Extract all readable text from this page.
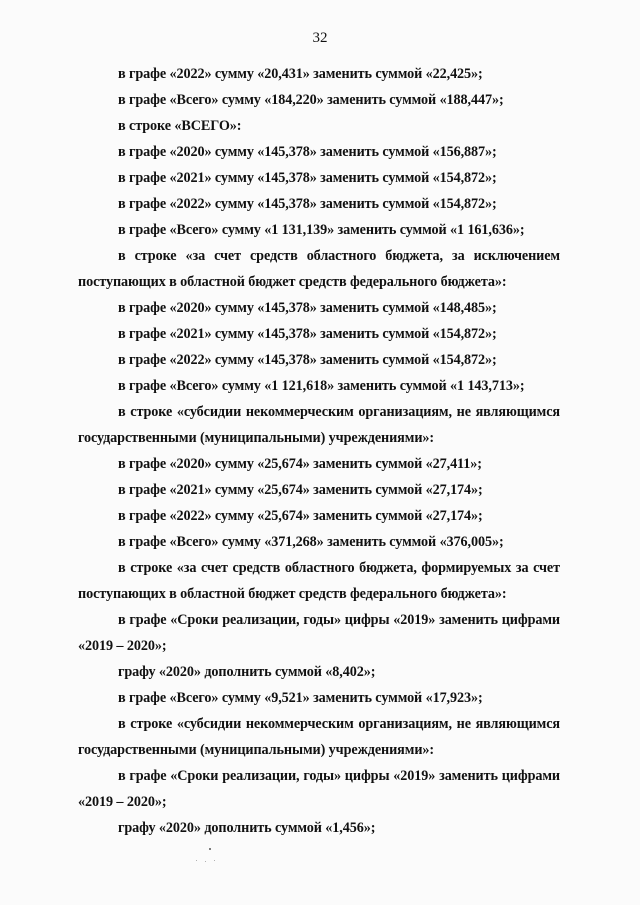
32
в графе «2022» сумму «20,431» заменить суммой «22,425»;
в графе «Всего» сумму «184,220» заменить суммой «188,447»;
в строке «ВСЕГО»:
в графе «2020» сумму «145,378» заменить суммой «156,887»;
в графе «2021» сумму «145,378» заменить суммой «154,872»;
в графе «2022» сумму «145,378» заменить суммой «154,872»;
в графе «Всего» сумму «1 131,139» заменить суммой «1 161,636»;
в строке «за счет средств областного бюджета, за исключением
поступающих в областной бюджет средств федерального бюджета»:
в графе «2020» сумму «145,378» заменить суммой «148,485»;
в графе «2021» сумму «145,378» заменить суммой «154,872»;
в графе «2022» сумму «145,378» заменить суммой «154,872»;
в графе «Всего» сумму «1 121,618» заменить суммой «1 143,713»;
в строке «субсидии некоммерческим организациям, не являющимся
государственными (муниципальными) учреждениями»:
в графе «2020» сумму «25,674» заменить суммой «27,411»;
в графе «2021» сумму «25,674» заменить суммой «27,174»;
в графе «2022» сумму «25,674» заменить суммой «27,174»;
в графе «Всего» сумму «371,268» заменить суммой «376,005»;
в строке «за счет средств областного бюджета, формируемых за счет
поступающих в областной бюджет средств федерального бюджета»:
в графе «Сроки реализации, годы» цифры «2019» заменить цифрами
«2019 – 2020»;
графу «2020» дополнить суммой «8,402»;
в графе «Всего» сумму «9,521» заменить суммой «17,923»;
в строке «субсидии некоммерческим организациям, не являющимся
государственными (муниципальными) учреждениями»:
в графе «Сроки реализации, годы» цифры «2019» заменить цифрами
«2019 – 2020»;
графу «2020» дополнить суммой «1,456»;
